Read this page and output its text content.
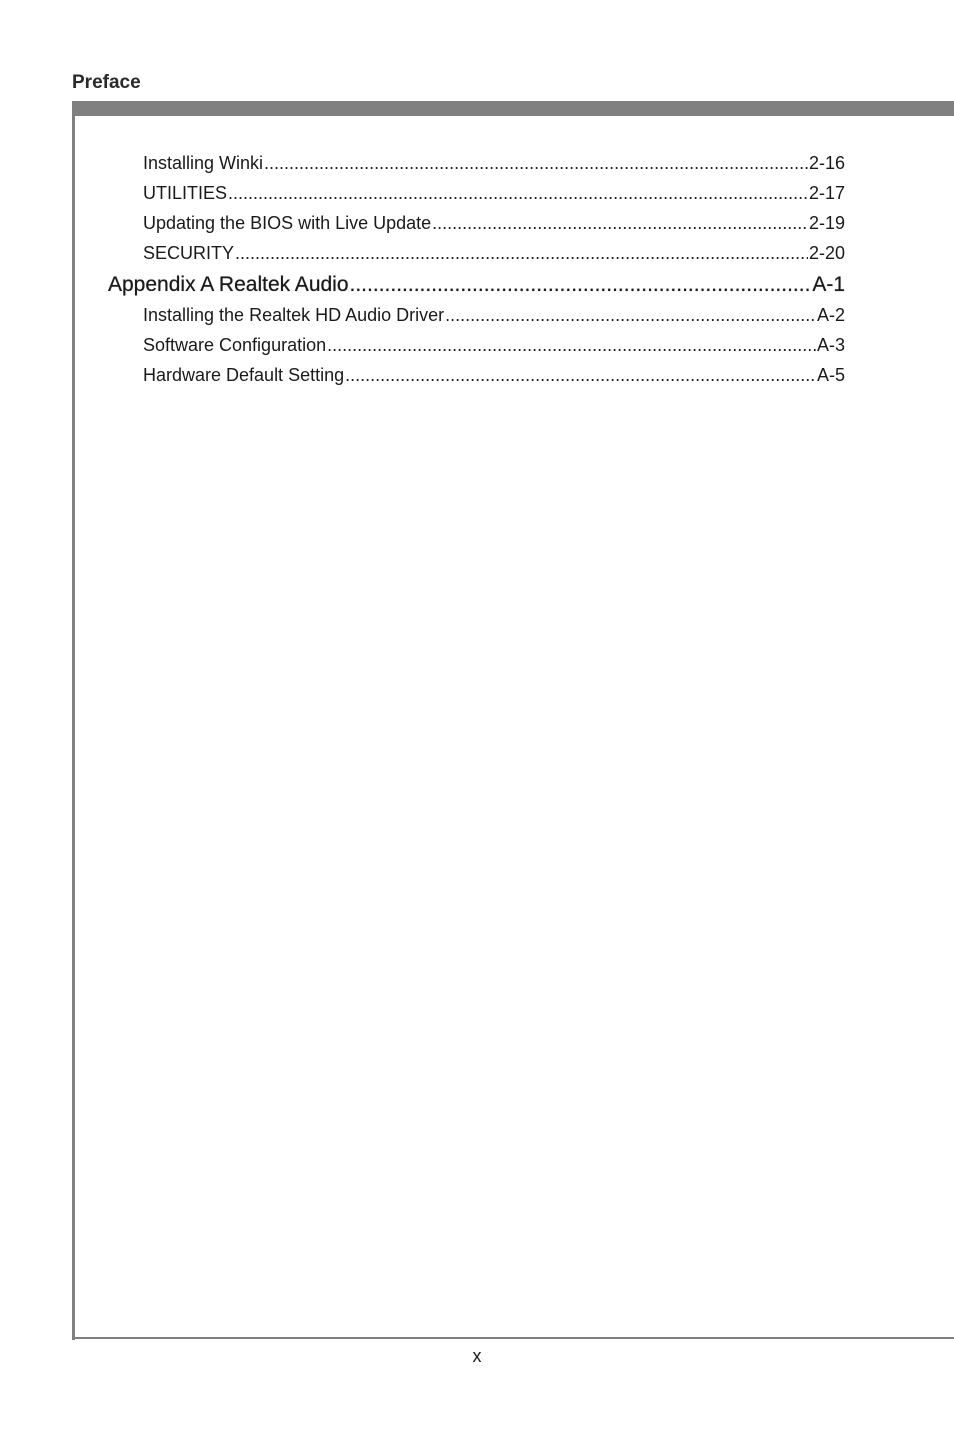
Preface
Installing Winki .....	2-16
UTILITIES .....	2-17
Updating the BIOS with Live Update .....	2-19
SECURITY .....	2-20
Appendix A Realtek Audio .....	A-1
Installing the Realtek HD Audio Driver .....	A-2
Software Configuration .....	A-3
Hardware Default Setting .....	A-5
x
